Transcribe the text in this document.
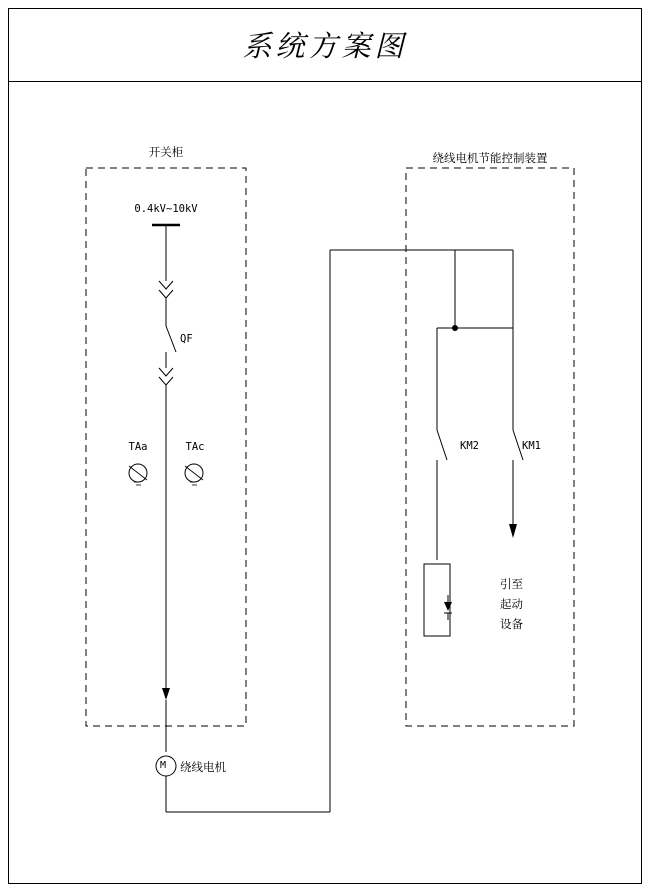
系统方案图
开关柜	绕线电机节能控制装置
0.4kV~10kV
QF
TAa	TAc
M 绕线电机
KM2	KM1
引至
起动
设备
